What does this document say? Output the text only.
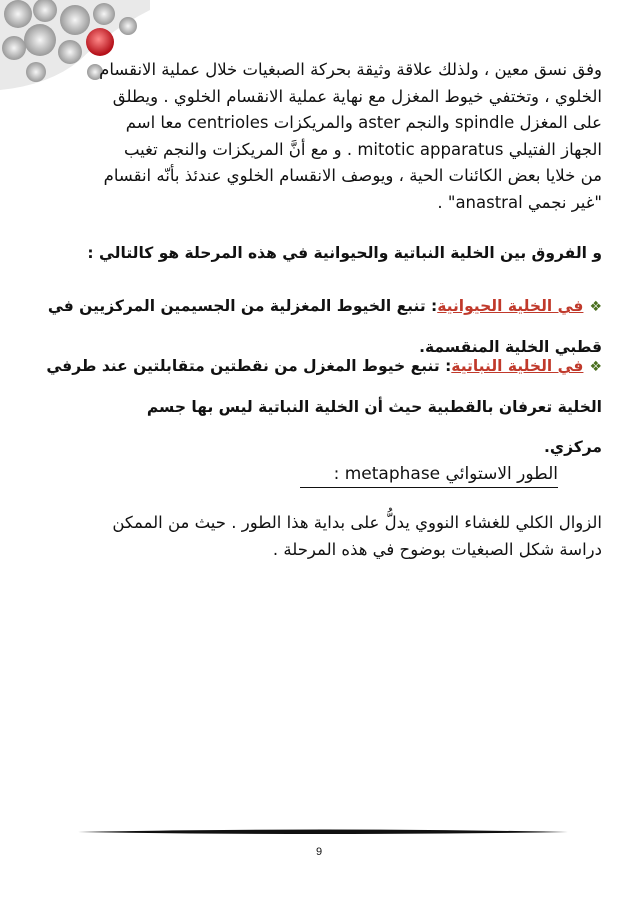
وفق نسق معين ، ولذلك علاقة وثيقة بحركة الصبغيات خلال عملية الانقسام
الخلوي ، وتختفي خيوط المغزل مع نهاية عملية الانقسام الخلوي . ويطلق
على المغزل spindle والنجم aster والمريكزات centrioles معا اسم
الجهاز الفتيلي mitotic apparatus . و مع أنَّ المريكزات والنجم تغيب
من خلايا بعض الكائنات الحية ، ويوصف الانقسام الخلوي عندئذ بأنّه انقسام
"غير نجمي anastral" .
و الفروق بين الخلية النباتية والحيوانية في هذه المرحلة هو كالتالي :
❖في الخلية الحيوانية: تنبع الخيوط المغزلية من الجسيمين المركزيين في
قطبي الخلية المنقسمة.
❖في الخلية النباتية: تنبع خيوط المغزل من نقطتين متقابلتين عند طرفي
الخلية تعرفان بالقطبية حيث أن الخلية النباتية ليس بها جسم
مركزي.
الطور الاستوائي metaphase :
الزوال الكلي للغشاء النووي يدلُّ على بداية هذا الطور . حيث من الممكن
دراسة شكل الصبغيات بوضوح في هذه المرحلة .
9
